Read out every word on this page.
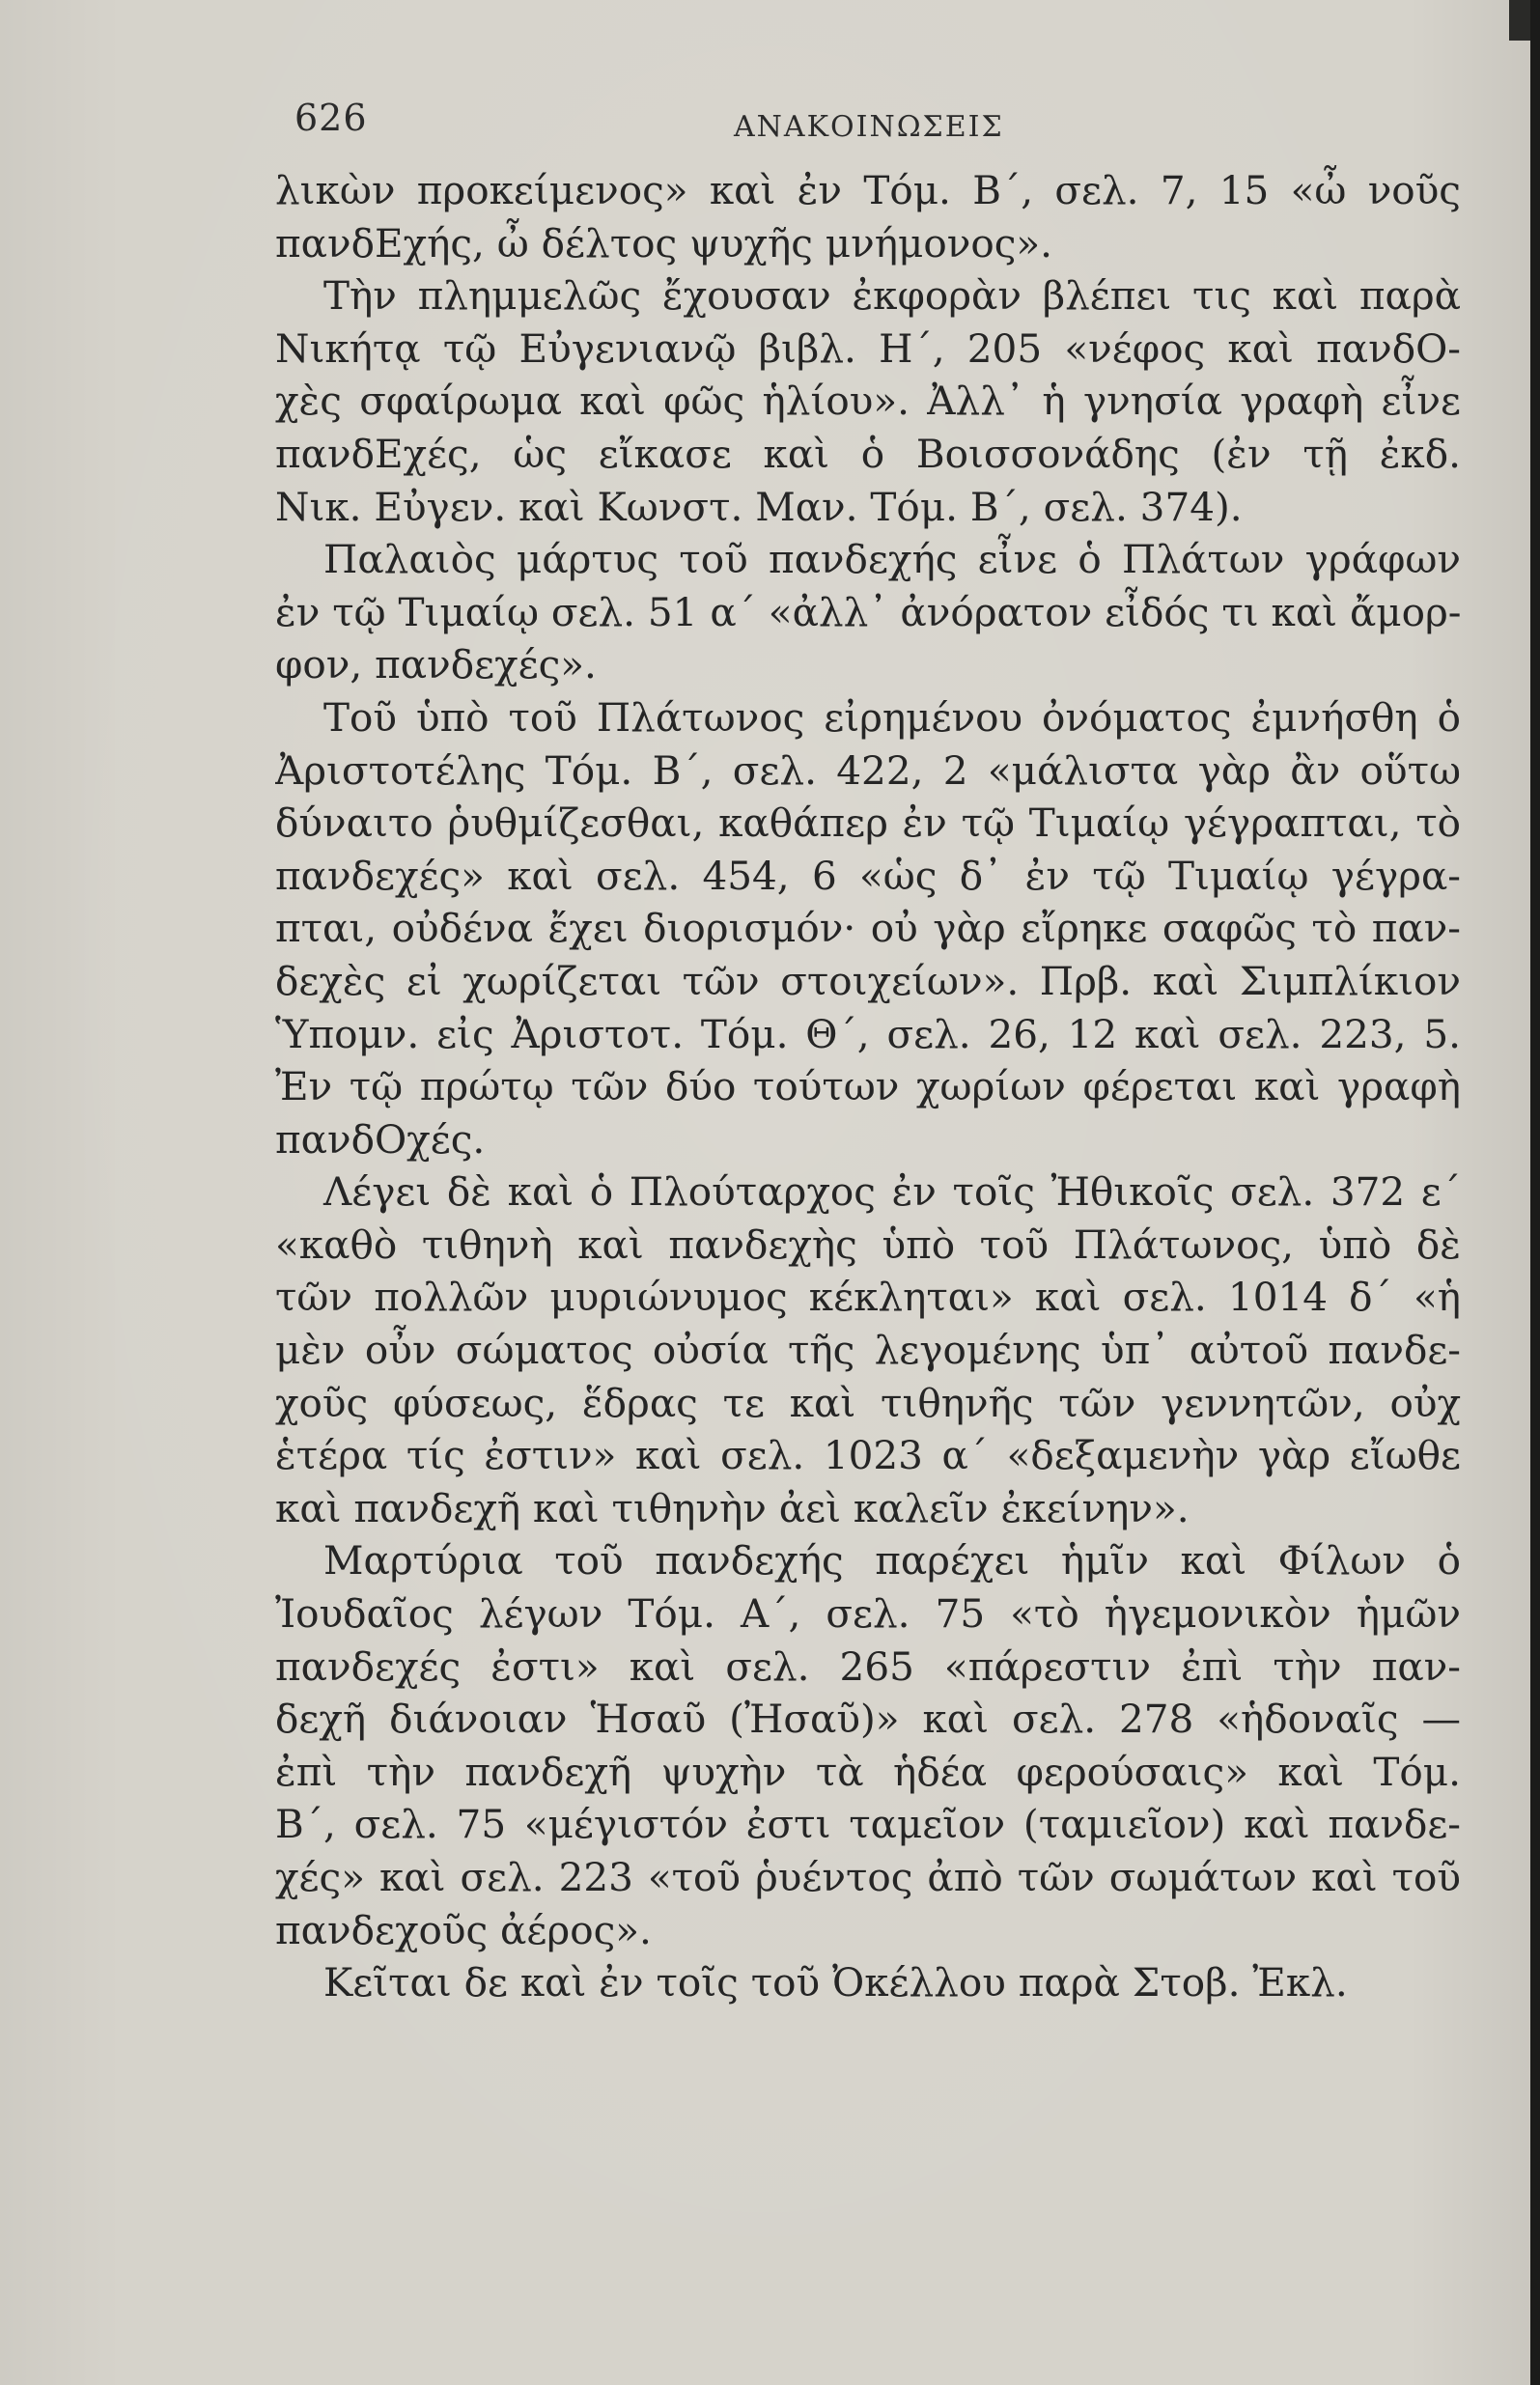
626	ΑΝΑΚΟΙΝΩΣΕΙΣ
λικὼν προκείμενος» καὶ ἐν Τόμ. Β΄, σελ. 7, 15 «ὦ νοῦς
πανδΕχής, ὦ δέλτος ψυχῆς μνήμονος».
Τὴν πλημμελῶς ἔχουσαν ἐκφορὰν βλέπει τις καὶ παρὰ
Νικήτᾳ τῷ Εὐγενιανῷ βιβλ. Η΄, 205 «νέφος καὶ πανδΟ-
χὲς σφαίρωμα καὶ φῶς ἡλίου». Ἀλλ᾽ ἡ γνησία γραφὴ εἶνε
πανδΕχές, ὡς εἴκασε καὶ ὁ Βοισσονάδης (ἐν τῇ ἐκδ.
Νικ. Εὐγεν. καὶ Κωνστ. Μαν. Τόμ. Β΄, σελ. 374).
Παλαιὸς μάρτυς τοῦ πανδεχής εἶνε ὁ Πλάτων γράφων
ἐν τῷ Τιμαίῳ σελ. 51 α΄ «ἀλλ᾽ ἀνόρατον εἶδός τι καὶ ἄμορ-
φον, πανδεχές».
Τοῦ ὑπὸ τοῦ Πλάτωνος εἰρημένου ὀνόματος ἐμνήσθη ὁ
Ἀριστοτέλης Τόμ. Β΄, σελ. 422, 2 «μάλιστα γὰρ ἂν οὕτω
δύναιτο ῥυθμίζεσθαι, καθάπερ ἐν τῷ Τιμαίῳ γέγραπται, τὸ
πανδεχές» καὶ σελ. 454, 6 «ὡς δ᾽ ἐν τῷ Τιμαίῳ γέγρα-
πται, οὐδένα ἔχει διορισμόν· οὐ γὰρ εἴρηκε σαφῶς τὸ παν-
δεχὲς εἰ χωρίζεται τῶν στοιχείων». Πρβ. καὶ Σιμπλίκιον
Ὑπομν. εἰς Ἀριστοτ. Τόμ. Θ΄, σελ. 26, 12 καὶ σελ. 223, 5.
Ἐν τῷ πρώτῳ τῶν δύο τούτων χωρίων φέρεται καὶ γραφὴ
πανδΟχές.
Λέγει δὲ καὶ ὁ Πλούταρχος ἐν τοῖς Ἠθικοῖς σελ. 372 ε΄
«καθὸ τιθηνὴ καὶ πανδεχὴς ὑπὸ τοῦ Πλάτωνος, ὑπὸ δὲ
τῶν πολλῶν μυριώνυμος κέκληται» καὶ σελ. 1014 δ΄ «ἡ
μὲν οὖν σώματος οὐσία τῆς λεγομένης ὑπ᾽ αὐτοῦ πανδε-
χοῦς φύσεως, ἕδρας τε καὶ τιθηνῆς τῶν γεννητῶν, οὐχ
ἑτέρα τίς ἐστιν» καὶ σελ. 1023 α΄ «δεξαμενὴν γὰρ εἴωθε
καὶ πανδεχῆ καὶ τιθηνὴν ἀεὶ καλεῖν ἐκείνην».
Μαρτύρια τοῦ πανδεχής παρέχει ἡμῖν καὶ Φίλων ὁ
Ἰουδαῖος λέγων Τόμ. Α΄, σελ. 75 «τὸ ἡγεμονικὸν ἡμῶν
πανδεχές ἐστι» καὶ σελ. 265 «πάρεστιν ἐπὶ τὴν παν-
δεχῆ διάνοιαν Ἡσαῦ (Ἠσαῦ)» καὶ σελ. 278 «ἡδοναῖς —
ἐπὶ τὴν πανδεχῆ ψυχὴν τὰ ἡδέα φερούσαις» καὶ Τόμ.
Β΄, σελ. 75 «μέγιστόν ἐστι ταμεῖον (ταμιεῖον) καὶ πανδε-
χές» καὶ σελ. 223 «τοῦ ῥυέντος ἀπὸ τῶν σωμάτων καὶ τοῦ
πανδεχοῦς ἀέρος».
Κεῖται δε καὶ ἐν τοῖς τοῦ Ὀκέλλου παρὰ Στοβ. Ἐκλ.
